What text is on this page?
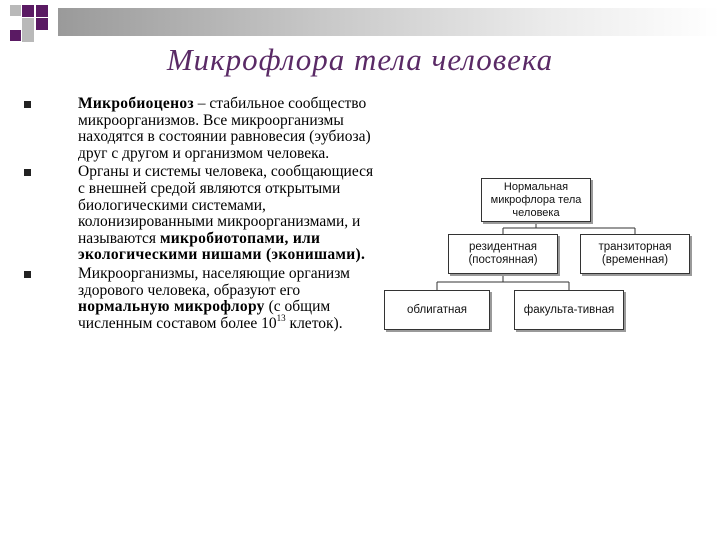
Микрофлора тела человека

Микробиоценоз – стабильное сообщество микроорганизмов. Все микроорганизмы находятся в состоянии равновесия (эубиоза) друг с другом и организмом человека.

Органы и системы человека, сообщающиеся с внешней средой являются открытыми биологическими системами, колонизированными микроорганизмами, и называются микробиотопами, или экологическими нишами (эконишами).

Микроорганизмы, населяющие организм здорового человека, образуют его нормальную микрофлору (с общим численным составом более $10^{13}$ клеток).

Нормальная микрофлора тела человека
резидентная (постоянная)
транзиторная (временная)
облигатная	факульта-тивная
